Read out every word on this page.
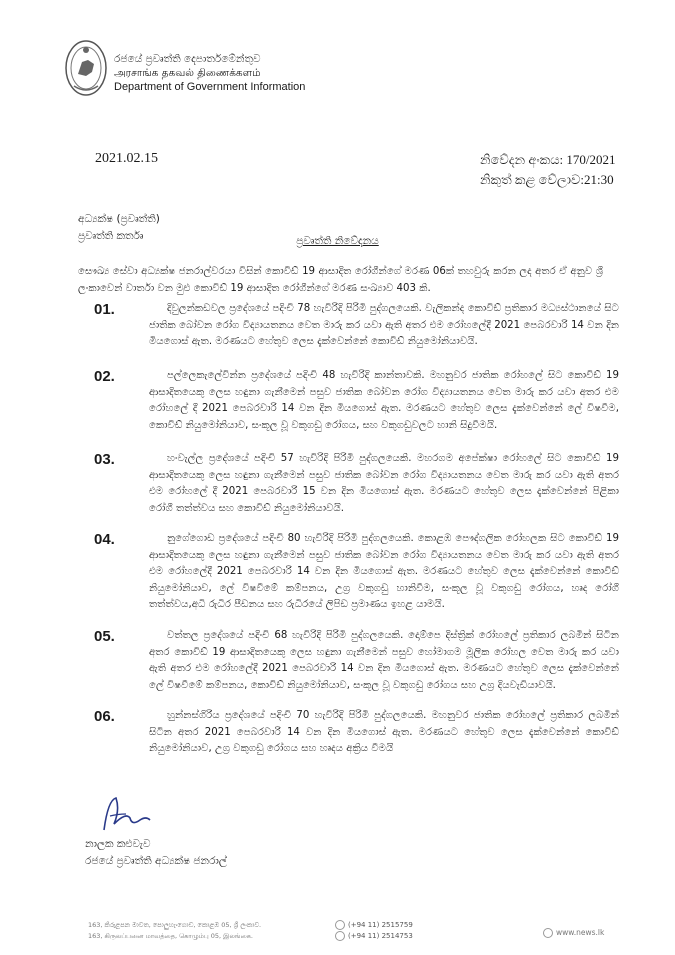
රජයේ ප්‍රවෘත්ති දෙපාර්තමේන්තුව
அரசாங்க தகவல் திணைக்களம்
Department of Government Information
2021.02.15	නිවේදන අංකය: 170/2021
නිකුත් කළ වේලාව:21:30
අධ්‍යක්ෂ (ප්‍රවෘත්ති)
ප්‍රවෘත්ති කර්තෘ	ප්‍රවෘත්ති නිවේදනය
සෞඛ්‍ය සේවා අධ්‍යක්ෂ ජනරාල්වරයා විසින් කොවිඩ් 19 ආසාදිත රෝගීන්ගේ මරණ 06ක් තහවුරු කරන ලද අතර ඒ අනුව ශ්‍රී ලංකාවෙන් වාර්තා වන මුළු කොවිඩ් 19 ආසාදිත රෝගීන්ගේ මරණ සංඛ්‍යාව 403 කි.
01.	දිවුලන්කඩවල ප්‍රදේශයේ පදිංචි 78 හැවිරිදි පිරිමි පුද්ගලයෙකි. වැලිකන්ද කොවිඩ් ප්‍රතිකාර මධ්‍යස්ථානයේ සිට ජාතික බෝවන රෝග විද්‍යායතනය වෙත මාරු කර යවා ඇති අතර එම රෝහලේදී 2021 පෙබරවාරි 14 වන දින මියගොස් ඇත. මරණයට හේතුව ලෙස දැක්වෙන්නේ කොවිඩ් නියුමෝනියාවයි.
02.	පල්ලෙකැලේවින්න ප්‍රදේශයේ පදිංචි 48 හැවිරිදි කාන්තාවකි. මහනුවර ජාතික රෝහලේ සිට කොවිඩ් 19 ආසාදිතයෙකු ලෙස හඳුනා ගැනීමෙන් පසුව ජාතික බෝවන රෝග විද්‍යායතනය වෙත මාරු කර යවා අතර එම රෝහලේ දී 2021 පෙබරවාරි 14 වන දින මියගොස් ඇත. මරණයට හේතුව ලෙස දැක්වෙන්නේ ලේ විෂවීම, කොවිඩ් නියුමෝනියාව, සංකූල වූ වකුගඩු රෝගය, සහ වකුගඩුවලට හානි සිදුවීමයි.
03.	හංවැල්ල ප්‍රදේශයේ පදිංචි 57 හැවිරිදි පිරිමි පුද්ගලයෙකි. මහරගම අපේක්ෂා රෝහලේ සිට කොවිඩ් 19 ආසාදිතයෙකු ලෙස හඳුනා ගැනීමෙන් පසුව ජාතික බෝවන රෝග විද්‍යායතනය වෙත මාරු කර යවා ඇති අතර එම රෝහලේ දී 2021 පෙබරවාරි 15 වන දින මියගොස් ඇත. මරණයට හේතුව ලෙස දැක්වෙන්නේ පිළිකා රෝගී තත්ත්වය සහ කොවිඩ් නියුමෝනියාවයි.
04.	නුගේගොඩ ප්‍රදේශයේ පදිංචි 80 හැවිරිදි පිරිමි පුද්ගලයෙකි. කොළඹ පෞද්ගලික රෝහලක සිට කොවිඩ් 19 ආසාදිතයෙකු ලෙස හඳුනා ගැනීමෙන් පසුව ජාතික බෝවන රෝග විද්‍යායතනය වෙත මාරු කර යවා ඇති අතර එම රෝහලේදී 2021 පෙබරවාරි 14 වන දින මියගොස් ඇත. මරණයට හේතුව ලෙස දැක්වෙන්නේ කොවිඩ් නියුමෝනියාව, ලේ විෂවීමේ කම්පනය, උග්‍ර වකුගඩු හානිවීම, සංකූල වූ වකුගඩු රෝගය, හෘද රෝගී තත්ත්වය,අධි රුධිර පීඩනය සහ රුධිරයේ ලිපිඩ ප්‍රමාණය ඉහළ යාමයි.
05.	වත්තල ප්‍රදේශයේ පදිංචි 68 හැවිරිදි පිරිමි පුද්ගලයෙකි. දොම්පෙ දිස්ත්‍රික් රෝහලේ ප්‍රතිකාර ලබමින් සිටින අතර කොවිඩ් 19 ආසාදිතයෙකු ලෙස හඳුනා ගැනීමෙන් පසුව හෝමාගම මූලික රෝහල වෙත මාරු කර යවා ඇති අතර එම රෝහලේදී 2021 පෙබරවාරි 14 වන දින මියගොස් ඇත. මරණයට හේතුව ලෙස දැක්වෙන්නේ ලේ විෂවීමේ කම්පනය, කොවිඩ් නියුමෝනියාව, සංකූල වූ වකුගඩු රෝගය සහ උග්‍ර දියවැඩියාවයි.
06.	හුන්නස්ගිරිය ප්‍රදේශයේ පදිංචි 70 හැවිරිදි පිරිමි පුද්ගලයෙකි. මහනුවර ජාතික රෝහලේ ප්‍රතිකාර ලබමින් සිටින අතර 2021 පෙබරවාරි 14 වන දින මියගොස් ඇත. මරණයට හේතුව ලෙස දැක්වෙන්නේ කොවිඩ් නියුමෝනියාව, උග්‍ර වකුගඩු රෝගය සහ හෘදය අක්‍රිය වීමයි
නාලක කළුවැව
රජයේ ප්‍රවෘත්ති අධ්‍යක්ෂ ජනරාල්
163, කිරුළපන මාවත, පොලුහැංගොඩ, කොළඹ 05, ශ්‍රී ලංකාව.
163, கிருலப்பனை மாவத்தை, கொழும்பு 05, இலங்கை.
(+94 11) 2515759
(+94 11) 2514753	www.news.lk
